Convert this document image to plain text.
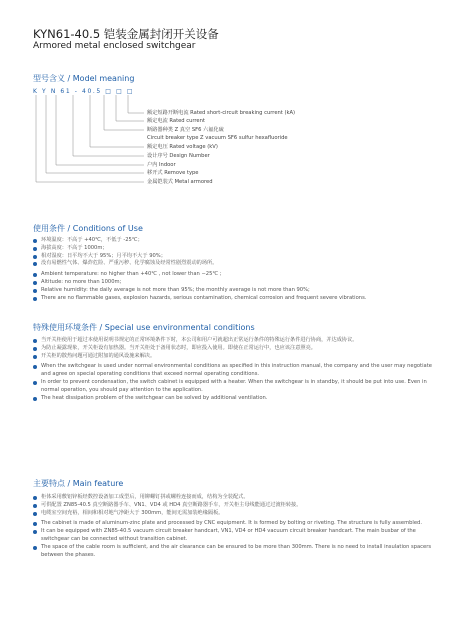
KYN61-40.5 铠装金属封闭开关设备
Armored metal enclosed switchgear
型号含义 / Model meaning
K Y N 61 - 40.5 □ □ □
额定短路开断电流 Rated short-circuit breaking current (kA)
额定电流 Rated current
断路器种类 Z 真空 SF6 六氟化硫
Circuit breaker type Z vacuum SF6 sulfur hexafluoride
额定电压 Rated voltage (kV)
设计序号 Design Number
户内 Indoor
移开式 Remove type
金属铠装式 Metal armored
使用条件 / Conditions of Use
环境温度：不高于 +40℃，不低于 -25℃；
海拔高度：不高于 1000m；
相对湿度：日平均不大于 95%；月平均不大于 90%；
没有易燃性气体、爆炸危险、严重污秽、化学腐蚀及经常性剧烈震动的场所。
Ambient temperature: no higher than +40℃ , not lower than −25℃ ;
Altitude: no more than 1000m;
Relative humidity: the daily average is not more than 95%; the monthly average is not more than 90%;
There are no flammable gases, explosion hazards, serious contamination, chemical corrosion and frequent severe vibrations.
特殊使用环境条件 / Special use environmental conditions
当开关柜使用于超过本使用说明书规定的正常环境条件下时，本公司和用户可就超出正常运行条件的特殊运行条件进行协商，并达成协议。
为防止凝露现象，开关柜设有加热器。当开关柜处于备用状态时，即应投入使用。即使在正常运行中，也应该注意照亮。
开关柜的散热问题可通过附加的通风设施来解决。
When the switchgear is used under normal environmental conditions as specified in this instruction manual, the company and the user may negotiate and agree on special operating conditions that exceed normal operating conditions.
In order to prevent condensation, the switch cabinet is equipped with a heater. When the switchgear is in standby, it should be put into use. Even in normal operation, you should pay attention to the application.
The heat dissipation problem of the switchgear can be solved by additional ventilation.
主要特点 / Main feature
柜体采用敷铝锌板经数控设备加工成型后，用铆螺钉拼或螺栓连接而成，结构为全装配式。
可供配置 ZN85-40.5 真空断路器手车、VN1、VD4 或 HD4 真空断路器手车，开关柜主母线能通过过渡柜转接。
电缆室空间充裕，相间和相对地气净距大于 300mm，能间无需加装绝缘隔板。
The cabinet is made of aluminum-zinc plate and processed by CNC equipment. It is formed by bolting or riveting. The structure is fully assembled.
It can be equipped with ZN85-40.5 vacuum circuit breaker handcart, VN1, VD4 or HD4 vacuum circuit breaker handcart. The main busbar of the switchgear can be connected without transition cabinet.
The space of the cable room is sufficient, and the air clearance can be ensured to be more than 300mm. There is no need to install insulation spacers between the phases.
